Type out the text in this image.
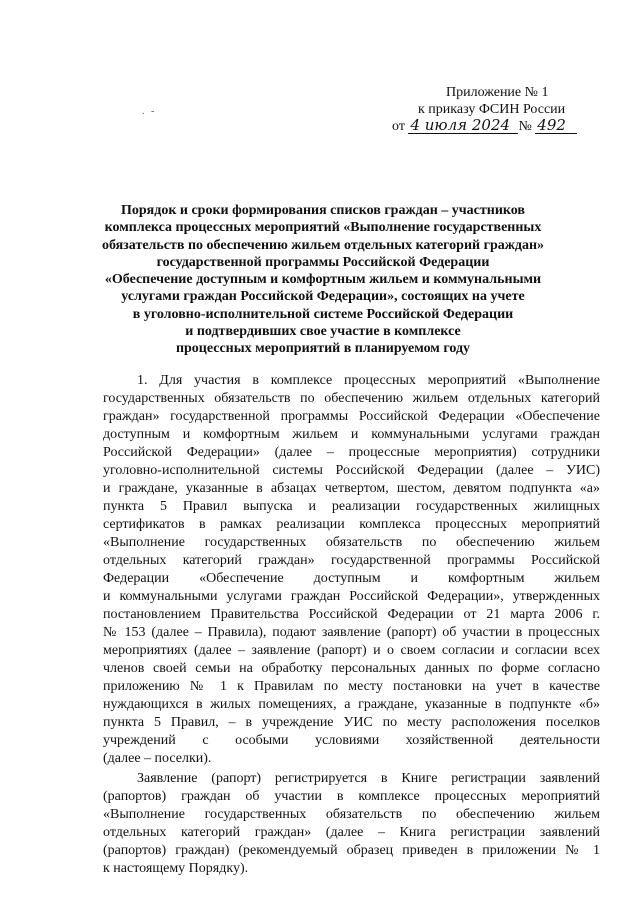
. -
Приложение № 1
к приказу ФСИН России
от 4 июля 2024 № 492
Порядок и сроки формирования списков граждан – участников
комплекса процессных мероприятий «Выполнение государственных
обязательств по обеспечению жильем отдельных категорий граждан»
государственной программы Российской Федерации
«Обеспечение доступным и комфортным жильем и коммунальными
услугами граждан Российской Федерации», состоящих на учете
в уголовно-исполнительной системе Российской Федерации
и подтвердивших свое участие в комплексе
процессных мероприятий в планируемом году
1. Для участия в комплексе процессных мероприятий «Выполнение
государственных обязательств по обеспечению жильем отдельных категорий
граждан» государственной программы Российской Федерации «Обеспечение
доступным и комфортным жильем и коммунальными услугами граждан
Российской Федерации» (далее – процессные мероприятия) сотрудники
уголовно-исполнительной системы Российской Федерации (далее – УИС)
и граждане, указанные в абзацах четвертом, шестом, девятом подпункта «а»
пункта 5 Правил выпуска и реализации государственных жилищных
сертификатов в рамках реализации комплекса процессных мероприятий
«Выполнение государственных обязательств по обеспечению жильем
отдельных категорий граждан» государственной программы Российской
Федерации «Обеспечение доступным и комфортным жильем
и коммунальными услугами граждан Российской Федерации», утвержденных
постановлением Правительства Российской Федерации от 21 марта 2006 г.
№ 153 (далее – Правила), подают заявление (рапорт) об участии в процессных
мероприятиях (далее – заявление (рапорт) и о своем согласии и согласии всех
членов своей семьи на обработку персональных данных по форме согласно
приложению № 1 к Правилам по месту постановки на учет в качестве
нуждающихся в жилых помещениях, а граждане, указанные в подпункте «б»
пункта 5 Правил, – в учреждение УИС по месту расположения поселков
учреждений с особыми условиями хозяйственной деятельности
(далее – поселки).
Заявление (рапорт) регистрируется в Книге регистрации заявлений
(рапортов) граждан об участии в комплексе процессных мероприятий
«Выполнение государственных обязательств по обеспечению жильем
отдельных категорий граждан» (далее – Книга регистрации заявлений
(рапортов) граждан) (рекомендуемый образец приведен в приложении № 1
к настоящему Порядку).
